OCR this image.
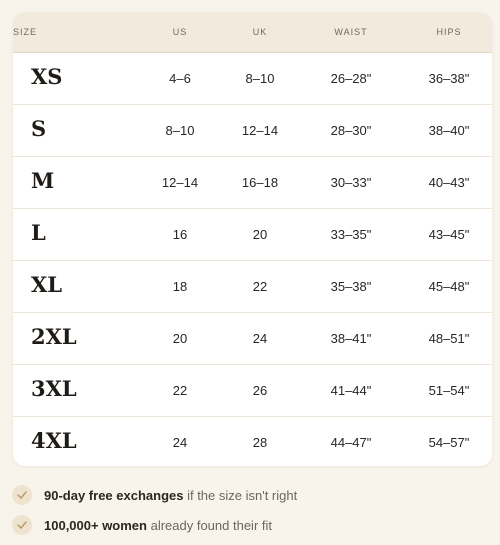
SIZE	US	UK	WAIST	HIPS
XS	4–6	8–10	26–28"	36–38"
S	8–10	12–14	28–30"	38–40"
M	12–14	16–18	30–33"	40–43"
L	16	20	33–35"	43–45"
XL	18	22	35–38"	45–48"
2XL	20	24	38–41"	48–51"
3XL	22	26	41–44"	51–54"
4XL	24	28	44–47"	54–57"
90-day free exchanges if the size isn't right
100,000+ women already found their fit
